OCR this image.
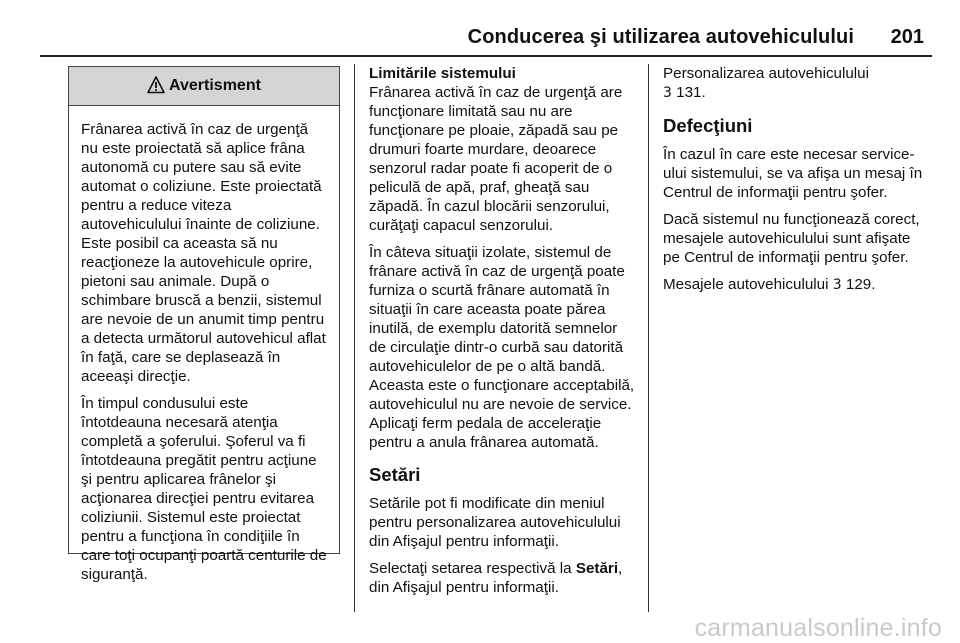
Conducerea şi utilizarea autovehiculului 201
Avertisment

Frânarea activă în caz de urgenţă nu este proiectată să aplice frâna autonomă cu putere sau să evite automat o coliziune. Este proiectată pentru a reduce viteza autovehiculului înainte de coliziune. Este posibil ca aceasta să nu reacţioneze la autovehicule oprire, pietoni sau animale. După o schimbare bruscă a benzii, sistemul are nevoie de un anumit timp pentru a detecta următorul autovehicul aflat în faţă, care se deplasează în aceeaşi direcţie.

În timpul condusului este întotdeauna necesară atenţia completă a şoferului. Şoferul va fi întotdeauna pregătit pentru acţiune şi pentru aplicarea frânelor şi acţionarea direcţiei pentru evitarea coliziunii. Sistemul este proiectat pentru a funcţiona în condiţiile în care toţi ocupanţi poartă centurile de siguranţă.

Limitările sistemului

Frânarea activă în caz de urgenţă are funcţionare limitată sau nu are funcţionare pe ploaie, zăpadă sau pe drumuri foarte murdare, deoarece senzorul radar poate fi acoperit de o peliculă de apă, praf, gheaţă sau zăpadă. În cazul blocării senzorului, curăţaţi capacul senzorului.

În câteva situaţii izolate, sistemul de frânare activă în caz de urgenţă poate furniza o scurtă frânare automată în situaţii în care aceasta poate părea inutilă, de exemplu datorită semnelor de circulaţie dintr-o curbă sau datorită autovehiculelor de pe o altă bandă. Aceasta este o funcţionare acceptabilă, autovehiculul nu are nevoie de service. Aplicaţi ferm pedala de acceleraţie pentru a anula frânarea automată.

Setări

Setările pot fi modificate din meniul pentru personalizarea autovehiculului din Afişajul pentru informaţii.

Selectaţi setarea respectivă la Setări, din Afişajul pentru informaţii.

Personalizarea autovehiculului
3 131.

Defecţiuni

În cazul în care este necesar service-ului sistemului, se va afişa un mesaj în Centrul de informaţii pentru şofer.

Dacă sistemul nu funcţionează corect, mesajele autovehiculului sunt afişate pe Centrul de informaţii pentru şofer.

Mesajele autovehiculului 3 129.

carmanualsonline.info
